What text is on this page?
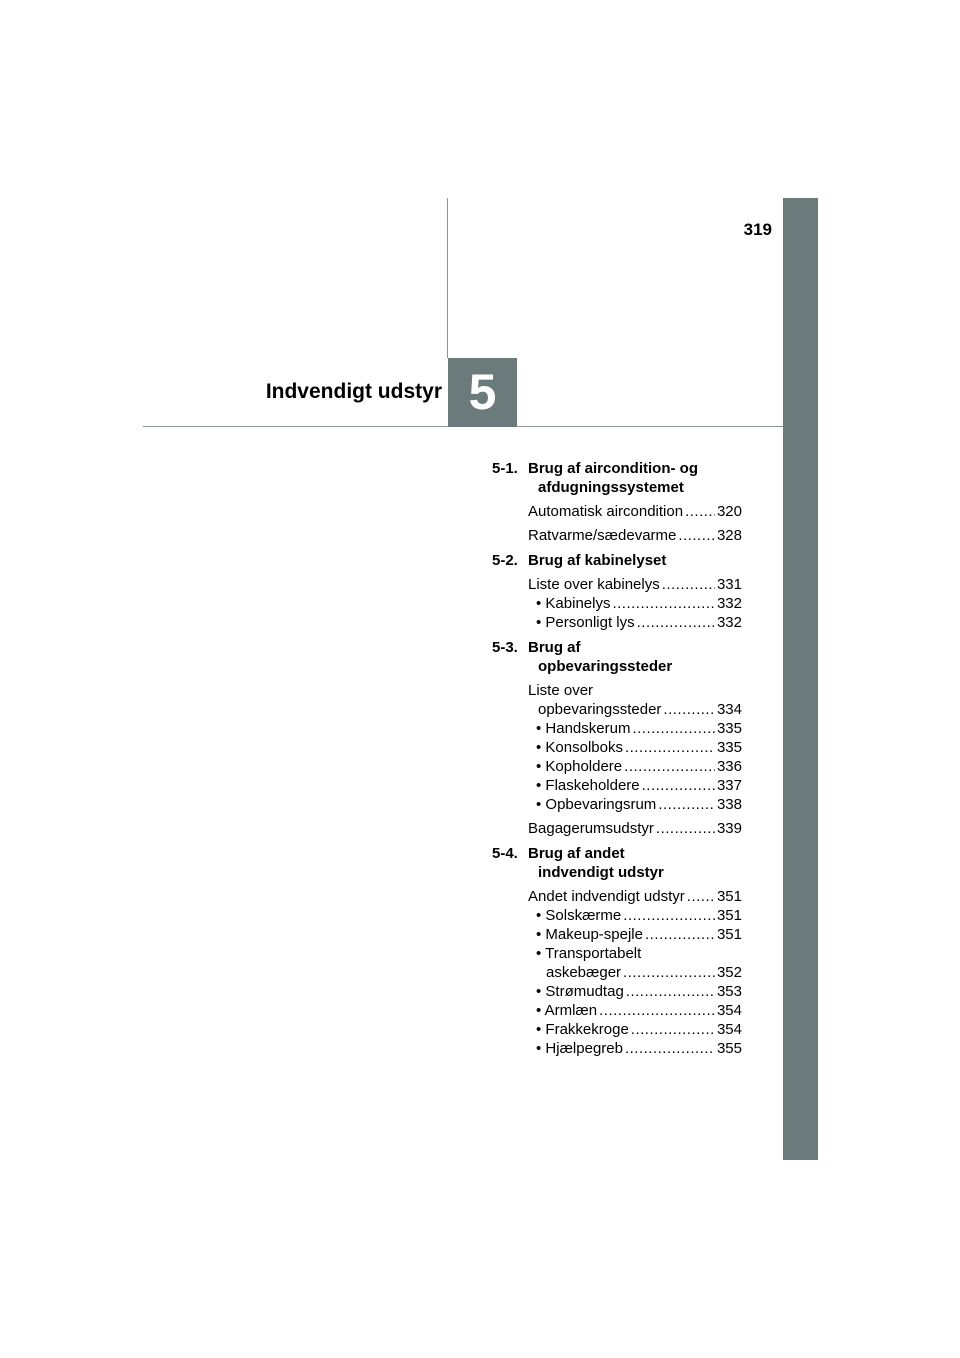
319
5
Indvendigt udstyr
5-1. Brug af aircondition- og
afdugningssystemet
Automatisk aircondition ..... 320
Ratvarme/sædevarme .....	328
5-2. Brug af kabinelyset
Liste over kabinelys .....	331
• Kabinelys .....	332
• Personligt lys .....	332
5-3. Brug af
opbevaringssteder
Liste over
opbevaringssteder .....	334
• Handskerum .....	335
• Konsolboks .....	335
• Kopholdere .....	336
• Flaskeholdere .....	337
• Opbevaringsrum .....	338
Bagagerumsudstyr .....	339
5-4. Brug af andet
indvendigt udstyr
Andet indvendigt udstyr ..... 351
• Solskærme .....	351
• Makeup-spejle .....	351
• Transportabelt
askebæger .....	352
• Strømudtag .....	353
• Armlæn .....	354
• Frakkekroge .....	354
• Hjælpegreb .....	355
